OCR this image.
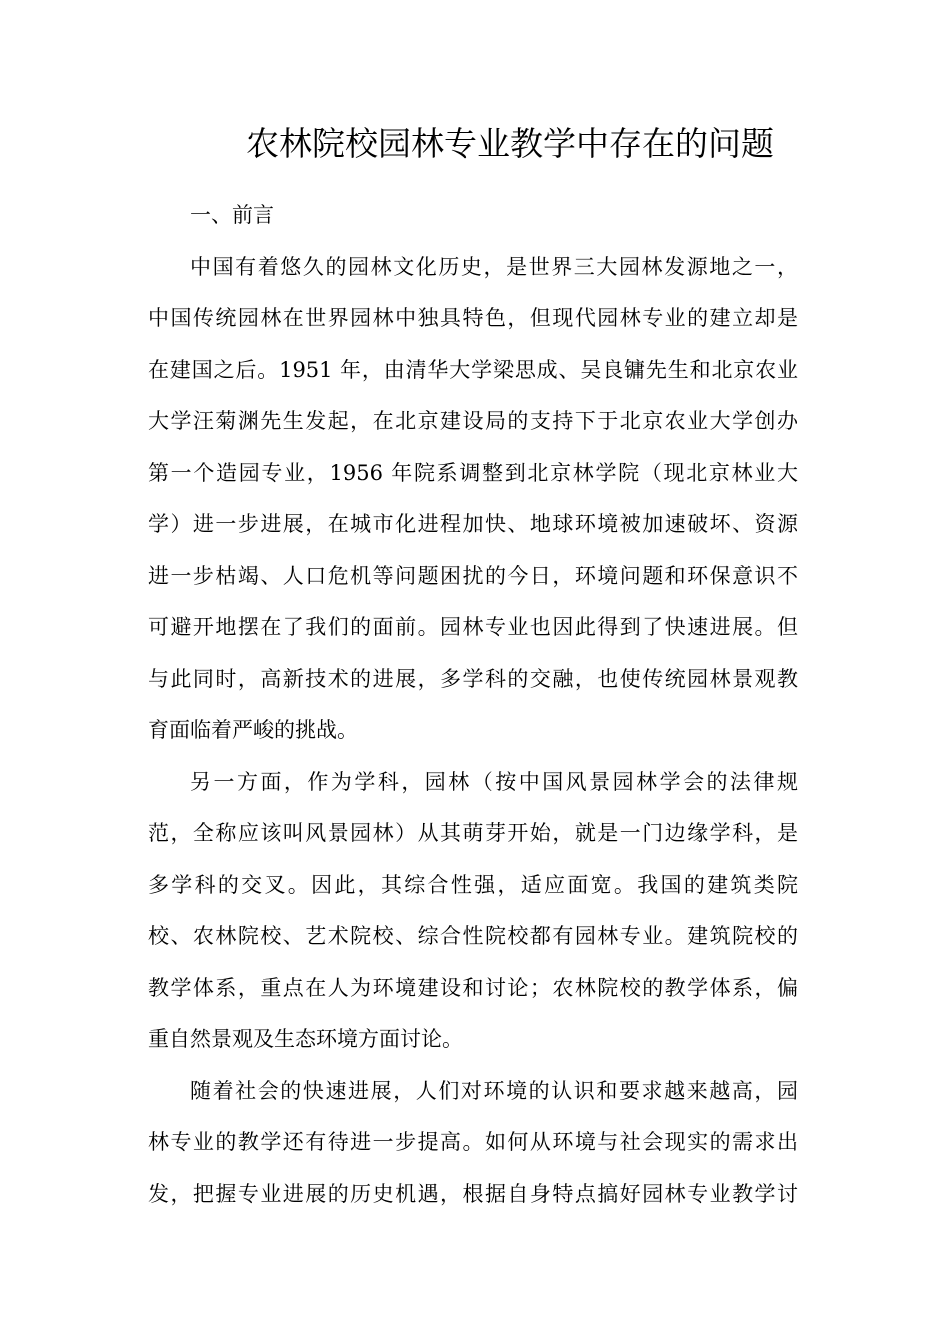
农林院校园林专业教学中存在的问题

一、前言

中国有着悠久的园林文化历史，是世界三大园林发源地之一，
中国传统园林在世界园林中独具特色，但现代园林专业的建立却是
在建国之后。1951 年，由清华大学梁思成、吴良镛先生和北京农业
大学汪菊渊先生发起，在北京建设局的支持下于北京农业大学创办
第一个造园专业，1956 年院系调整到北京林学院（现北京林业大
学）进一步进展，在城市化进程加快、地球环境被加速破坏、资源
进一步枯竭、人口危机等问题困扰的今日，环境问题和环保意识不
可避开地摆在了我们的面前。园林专业也因此得到了快速进展。但
与此同时，高新技术的进展，多学科的交融，也使传统园林景观教
育面临着严峻的挑战。
另一方面，作为学科，园林（按中国风景园林学会的法律规
范，全称应该叫风景园林）从其萌芽开始，就是一门边缘学科，是
多学科的交叉。因此，其综合性强，适应面宽。我国的建筑类院
校、农林院校、艺术院校、综合性院校都有园林专业。建筑院校的
教学体系，重点在人为环境建设和讨论；农林院校的教学体系，偏
重自然景观及生态环境方面讨论。
随着社会的快速进展，人们对环境的认识和要求越来越高，园
林专业的教学还有待进一步提高。如何从环境与社会现实的需求出
发，把握专业进展的历史机遇，根据自身特点搞好园林专业教学讨
